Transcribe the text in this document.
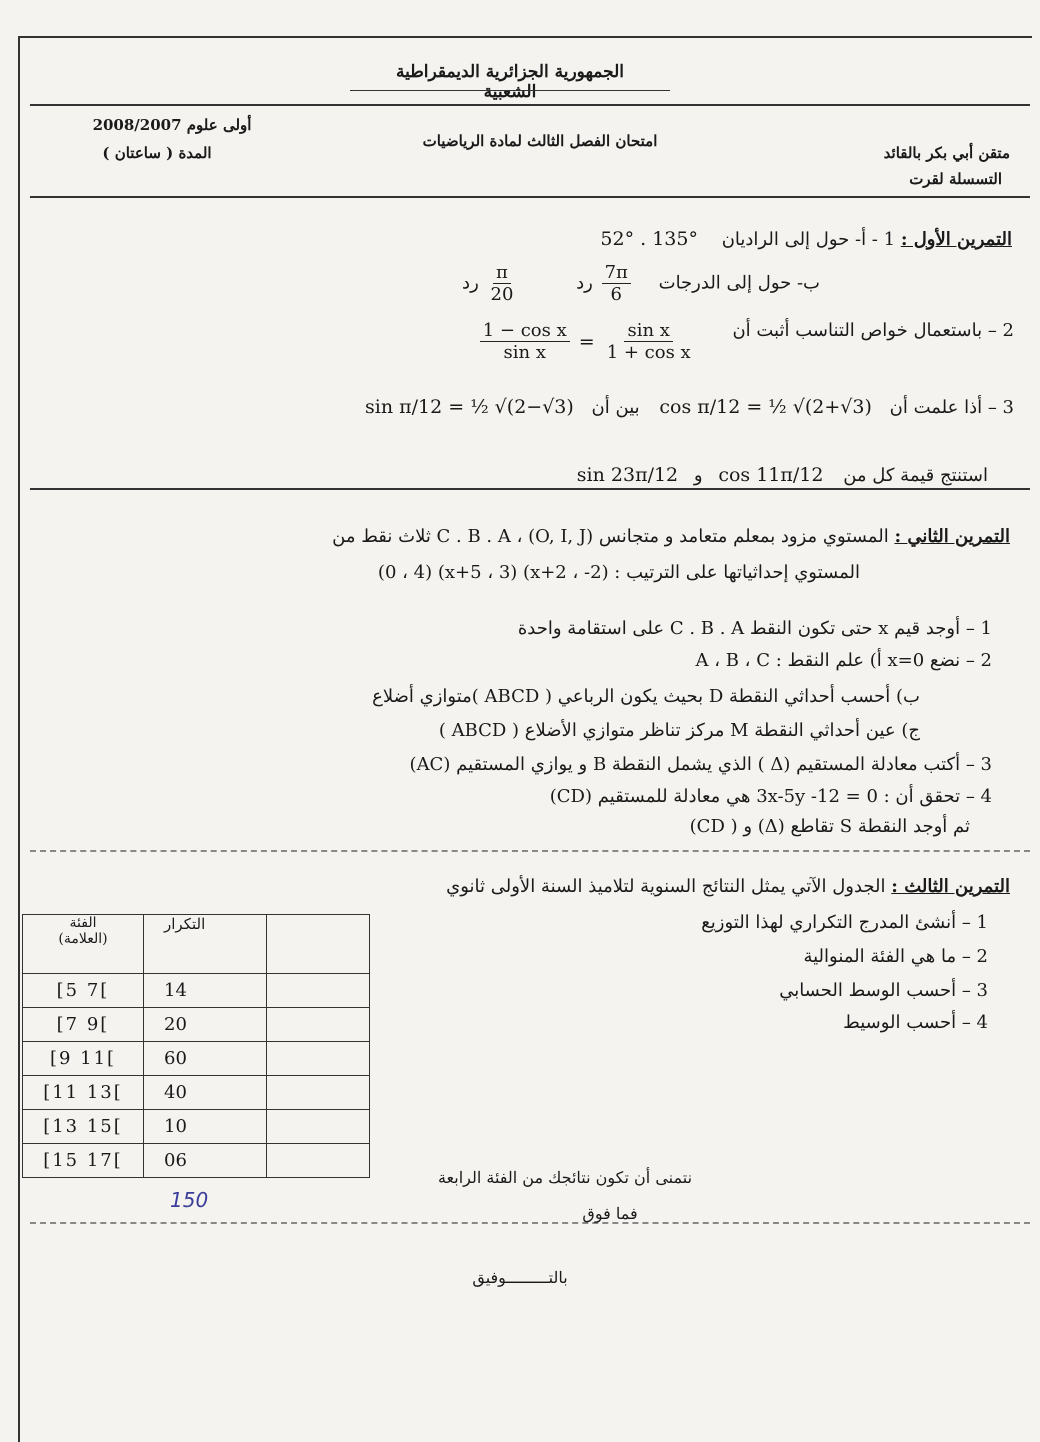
الجمهورية الجزائرية الديمقراطية الشعبية
متقن أبي بكر بالقائد
التسسلة لقرت
امتحان الفصل الثالث لمادة الرياضيات
أولى علوم 2008/2007
المدة ( ساعتان )
التمرين الأول : 1 - أ- حول إلى الراديان 52° . 135°
ب- حول إلى الدرجات
$\frac{7\pi}{6}$
رد
$\frac{\pi}{20}$
رد
2 – باستعمال خواص التناسب أثبت أن
$\frac{\text{1 − cos x}}{\text{sin x}} = \frac{\text{sin x}}{\text{1 + cos x}}$
3 – أذا علمت أن cos π/12 = ½ √(2+√3) بين أن sin π/12 = ½ √(2−√3)
استنتج قيمة كل من cos 11π/12 و sin 23π/12
التمرين الثاني : المستوي مزود بمعلم متعامد و متجانس (O, I, J) ، C . B . A ثلاث نقط من
المستوي إحداثياتها على الترتيب : (x+2 ، -2) (x+5 ، 3) (0 ، 4)
1 – أوجد قيم x حتى تكون النقط C . B . A على استقامة واحدة
2 – نضع x=0 أ) علم النقط : A ، B ، C
ب) أحسب أحداثي النقطة D بحيث يكون الرباعي ( ABCD )متوازي أضلاع
ج) عين أحداثي النقطة M مركز تناظر متوازي الأضلاع ( ABCD )
3 – أكتب معادلة المستقيم (Δ ) الذي يشمل النقطة B و يوازي المستقيم (AC)
4 – تحقق أن : 3x-5y -12 = 0 هي معادلة للمستقيم (CD)
ثم أوجد النقطة S تقاطع (Δ) و ( CD)
التمرين الثالث : الجدول الآتي يمثل النتائج السنوية لتلاميذ السنة الأولى ثانوي
1 – أنشئ المدرج التكراري لهذا التوزيع
2 – ما هي الفئة المنوالية
3 – أحسب الوسط الحسابي
4 – أحسب الوسيط
الفئة
(العلامة)	التكرار	
[5 7[	14	
[7 9[	20	
[9 11[	60	
[11 13[	40	
[13 15[	10	
[15 17[	06	
150
نتمنى أن تكون نتائجك من الفئة الرابعة
فما فوق
بالتـــــــــوفيق
